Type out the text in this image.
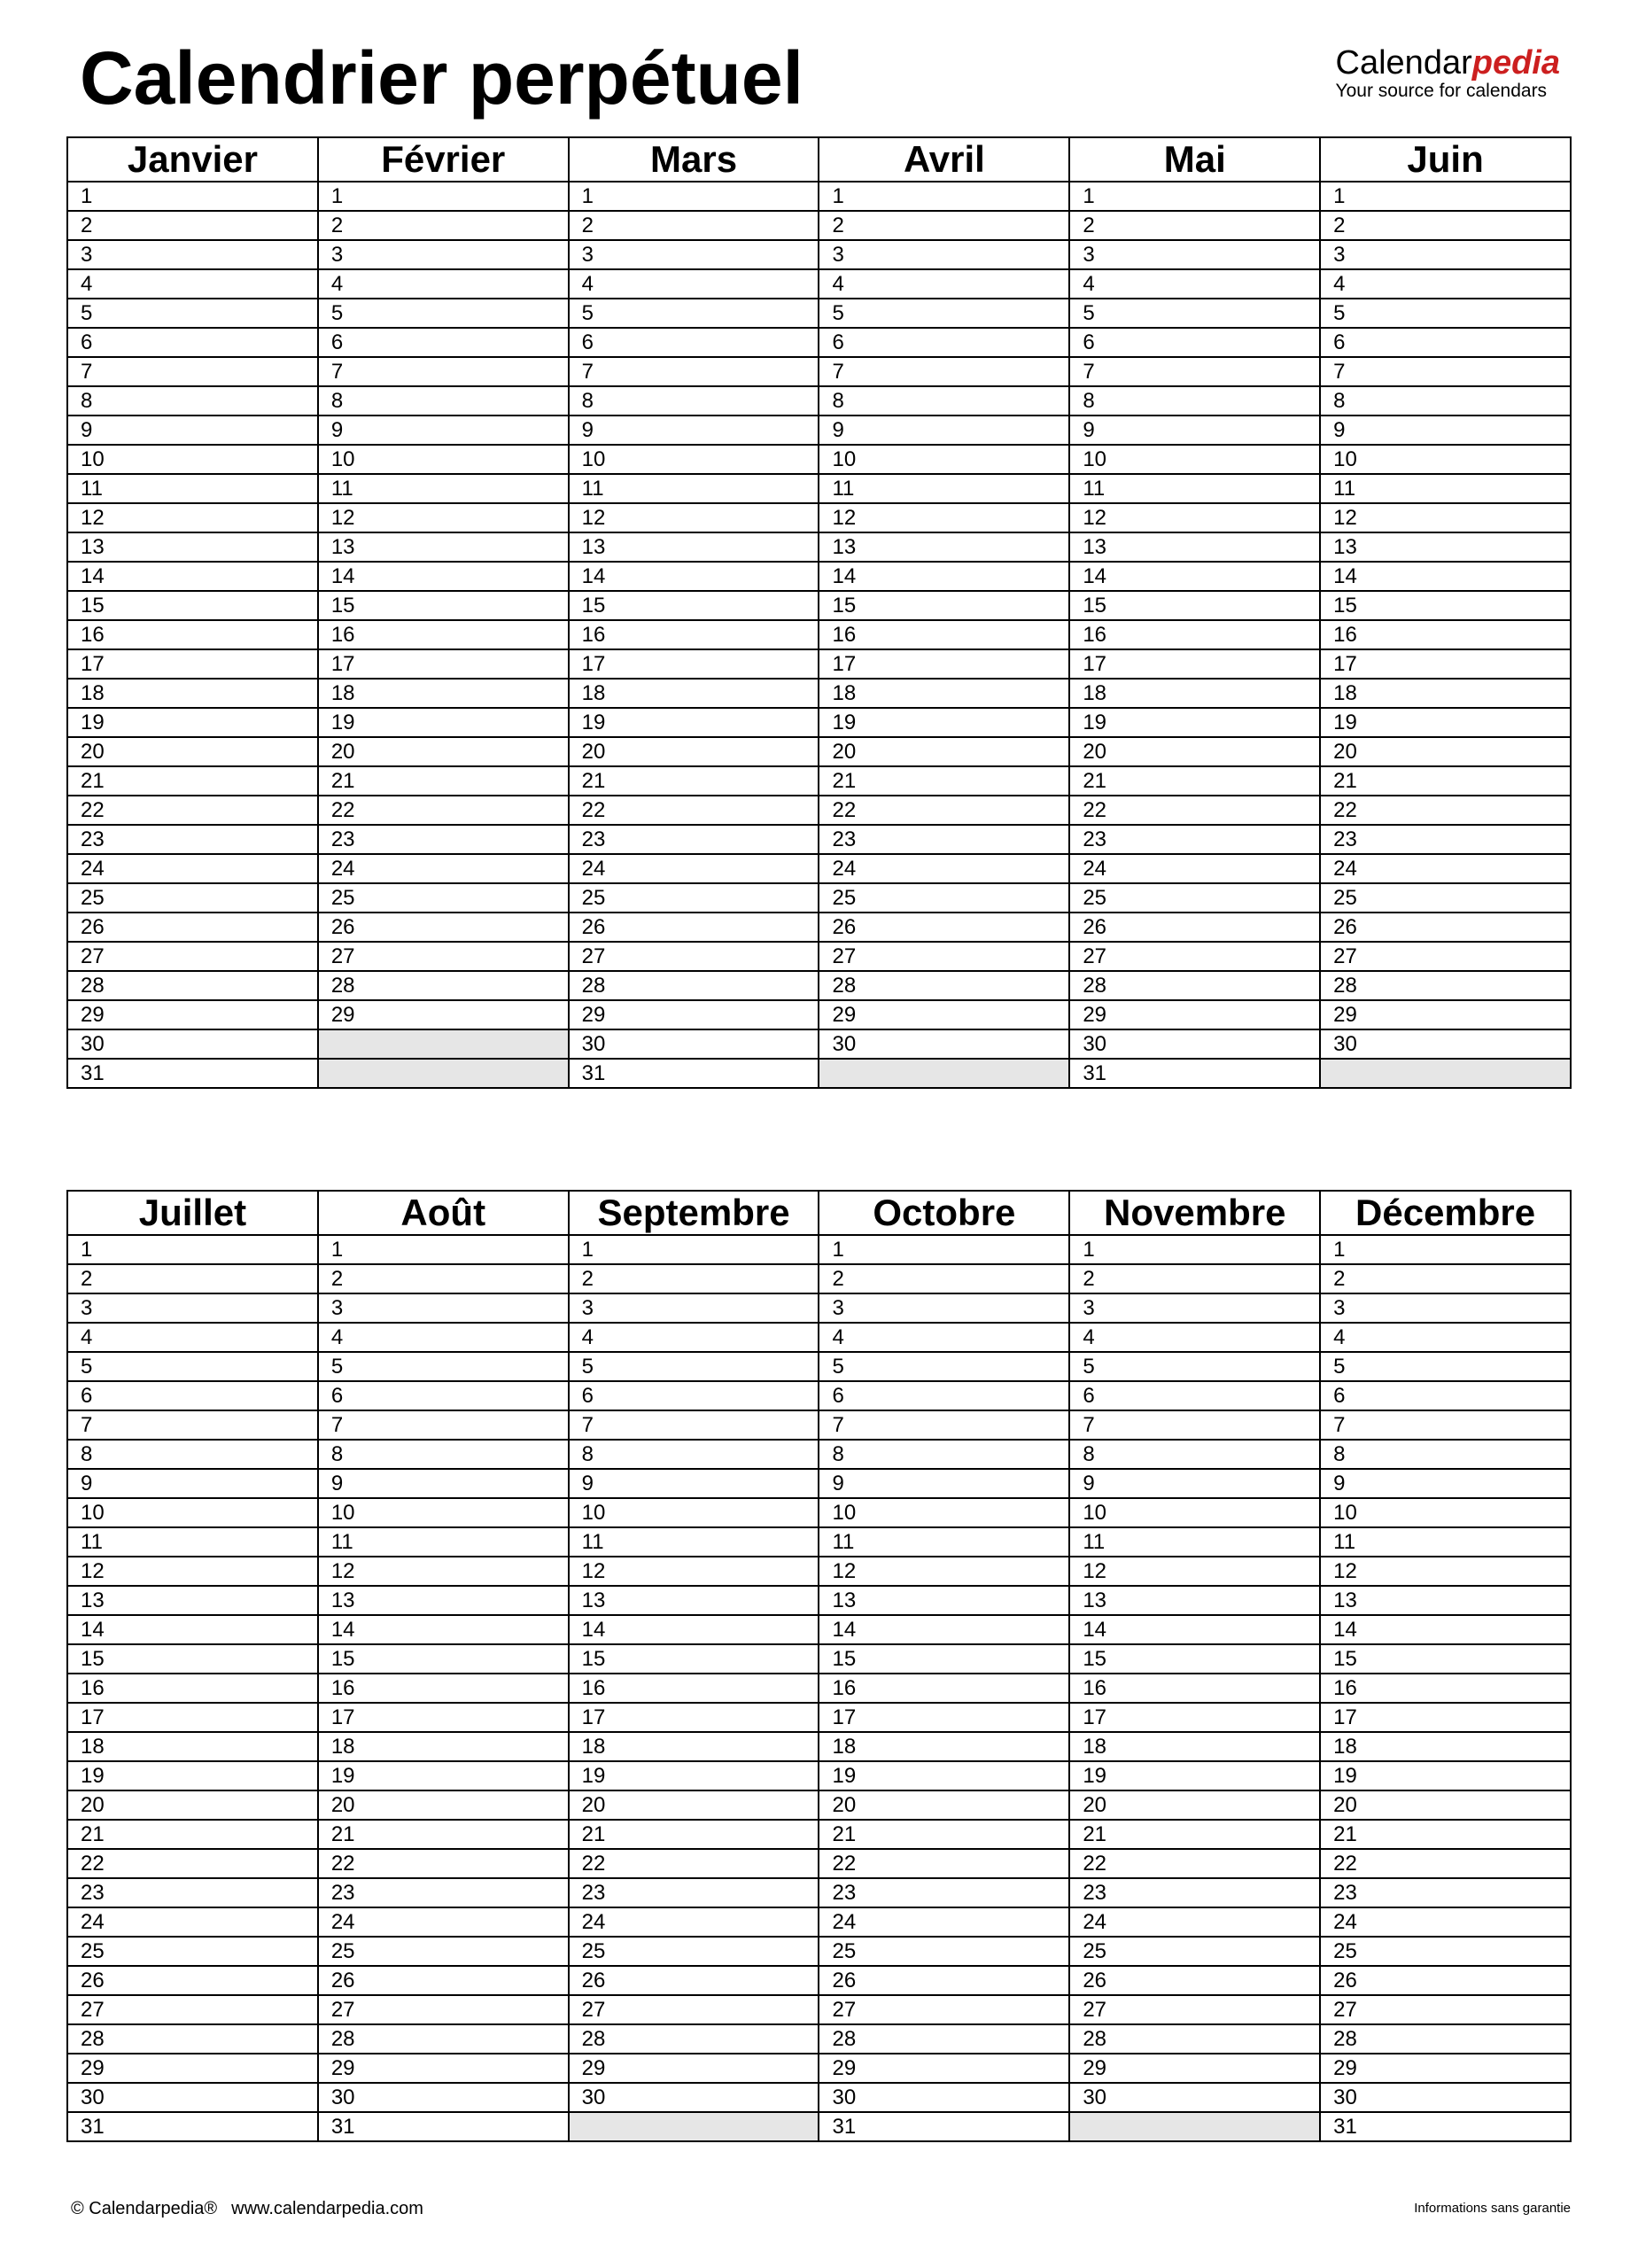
Calendrier perpétuel	Calendarpedia
Your source for calendars
Janvier	Février	Mars	Avril	Mai	Juin
1	1	1	1	1	1
2	2	2	2	2	2
3	3	3	3	3	3
4	4	4	4	4	4
5	5	5	5	5	5
6	6	6	6	6	6
7	7	7	7	7	7
8	8	8	8	8	8
9	9	9	9	9	9
10	10	10	10	10	10
11	11	11	11	11	11
12	12	12	12	12	12
13	13	13	13	13	13
14	14	14	14	14	14
15	15	15	15	15	15
16	16	16	16	16	16
17	17	17	17	17	17
18	18	18	18	18	18
19	19	19	19	19	19
20	20	20	20	20	20
21	21	21	21	21	21
22	22	22	22	22	22
23	23	23	23	23	23
24	24	24	24	24	24
25	25	25	25	25	25
26	26	26	26	26	26
27	27	27	27	27	27
28	28	28	28	28	28
29	29	29	29	29	29
30		30	30	30	30
31		31		31	
Juillet	Août	Septembre	Octobre	Novembre	Décembre
1	1	1	1	1	1
2	2	2	2	2	2
3	3	3	3	3	3
4	4	4	4	4	4
5	5	5	5	5	5
6	6	6	6	6	6
7	7	7	7	7	7
8	8	8	8	8	8
9	9	9	9	9	9
10	10	10	10	10	10
11	11	11	11	11	11
12	12	12	12	12	12
13	13	13	13	13	13
14	14	14	14	14	14
15	15	15	15	15	15
16	16	16	16	16	16
17	17	17	17	17	17
18	18	18	18	18	18
19	19	19	19	19	19
20	20	20	20	20	20
21	21	21	21	21	21
22	22	22	22	22	22
23	23	23	23	23	23
24	24	24	24	24	24
25	25	25	25	25	25
26	26	26	26	26	26
27	27	27	27	27	27
28	28	28	28	28	28
29	29	29	29	29	29
30	30	30	30	30	30
31	31		31		31
© Calendarpedia® www.calendarpedia.com	Informations sans garantie
